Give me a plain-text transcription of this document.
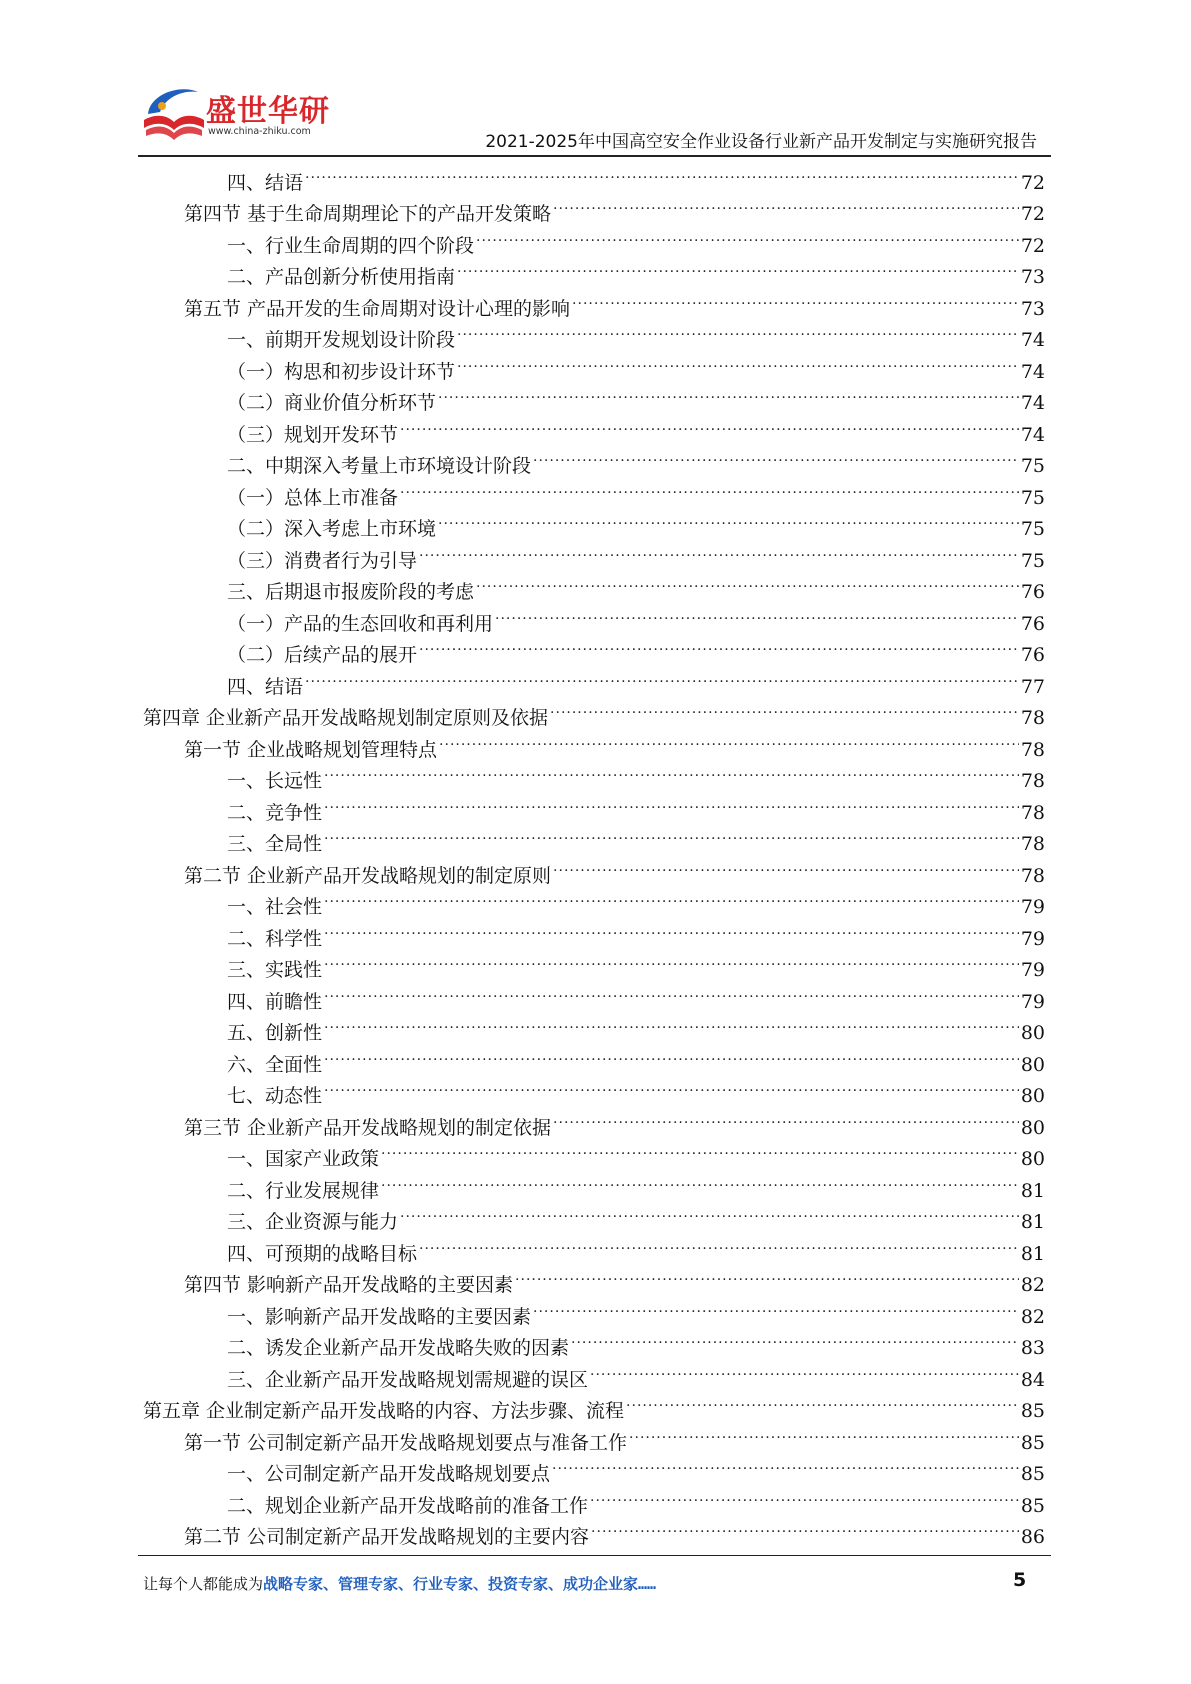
盛世华研
www.china-zhiku.com
2021-2025年中国高空安全作业设备行业新产品开发制定与实施研究报告
四、结语 .....	72
第四节 基于生命周期理论下的产品开发策略 .....	72
一、行业生命周期的四个阶段 .....	72
二、产品创新分析使用指南 .....	73
第五节 产品开发的生命周期对设计心理的影响 .....	73
一、前期开发规划设计阶段 .....	74
（一）构思和初步设计环节 .....	74
（二）商业价值分析环节 .....	74
（三）规划开发环节 .....	74
二、中期深入考量上市环境设计阶段 .....	75
（一）总体上市准备 .....	75
（二）深入考虑上市环境 .....	75
（三）消费者行为引导 .....	75
三、后期退市报废阶段的考虑 .....	76
（一）产品的生态回收和再利用 .....	76
（二）后续产品的展开 .....	76
四、结语 .....	77
第四章 企业新产品开发战略规划制定原则及依据 .....	78
第一节 企业战略规划管理特点 .....	78
一、长远性 .....	78
二、竞争性 .....	78
三、全局性 .....	78
第二节 企业新产品开发战略规划的制定原则 .....	78
一、社会性 .....	79
二、科学性 .....	79
三、实践性 .....	79
四、前瞻性 .....	79
五、创新性 .....	80
六、全面性 .....	80
七、动态性 .....	80
第三节 企业新产品开发战略规划的制定依据 .....	80
一、国家产业政策 .....	80
二、行业发展规律 .....	81
三、企业资源与能力 .....	81
四、可预期的战略目标 .....	81
第四节 影响新产品开发战略的主要因素 .....	82
一、影响新产品开发战略的主要因素 .....	82
二、诱发企业新产品开发战略失败的因素 .....	83
三、企业新产品开发战略规划需规避的误区 .....	84
第五章 企业制定新产品开发战略的内容、方法步骤、流程 .....	85
第一节 公司制定新产品开发战略规划要点与准备工作 .....	85
一、公司制定新产品开发战略规划要点 .....	85
二、规划企业新产品开发战略前的准备工作 .....	85
第二节 公司制定新产品开发战略规划的主要内容 .....	86
让每个人都能成为战略专家、管理专家、行业专家、投资专家、成功企业家……	5
